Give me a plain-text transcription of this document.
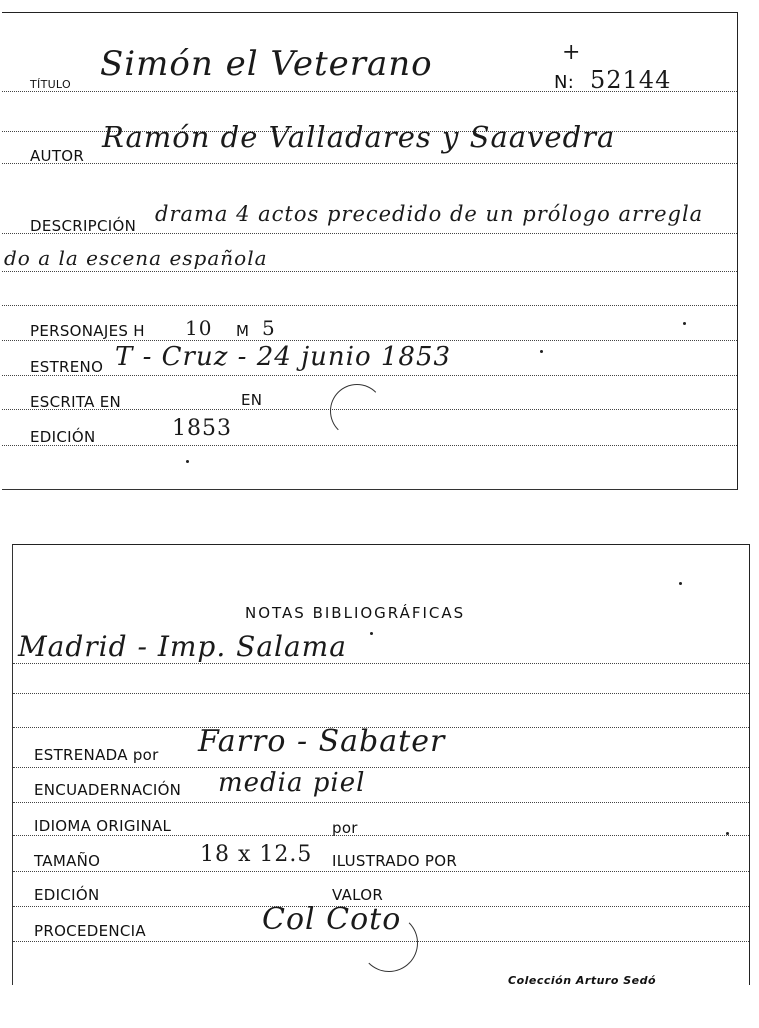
TÍTULO
Simón el Veterano	+
N: 52144
AUTOR
Ramón de Valladares y Saavedra
DESCRIPCIÓN drama 4 actos precedido de un prólogo arregla
do a la escena española
PERSONAJES H 10 M 5
ESTRENO T - Cruz - 24 junio 1853
ESCRITA EN	EN
EDICIÓN	1853
NOTAS BIBLIOGRÁFICAS
Madrid - Imp. Salama
ESTRENADA por Farro - Sabater
ENCUADERNACIÓN media piel
IDIOMA ORIGINAL	por
TAMAÑO	18 x 12.5 ILUSTRADO POR
EDICIÓN	VALOR
PROCEDENCIA	Col Coto
Colección Arturo Sedó
